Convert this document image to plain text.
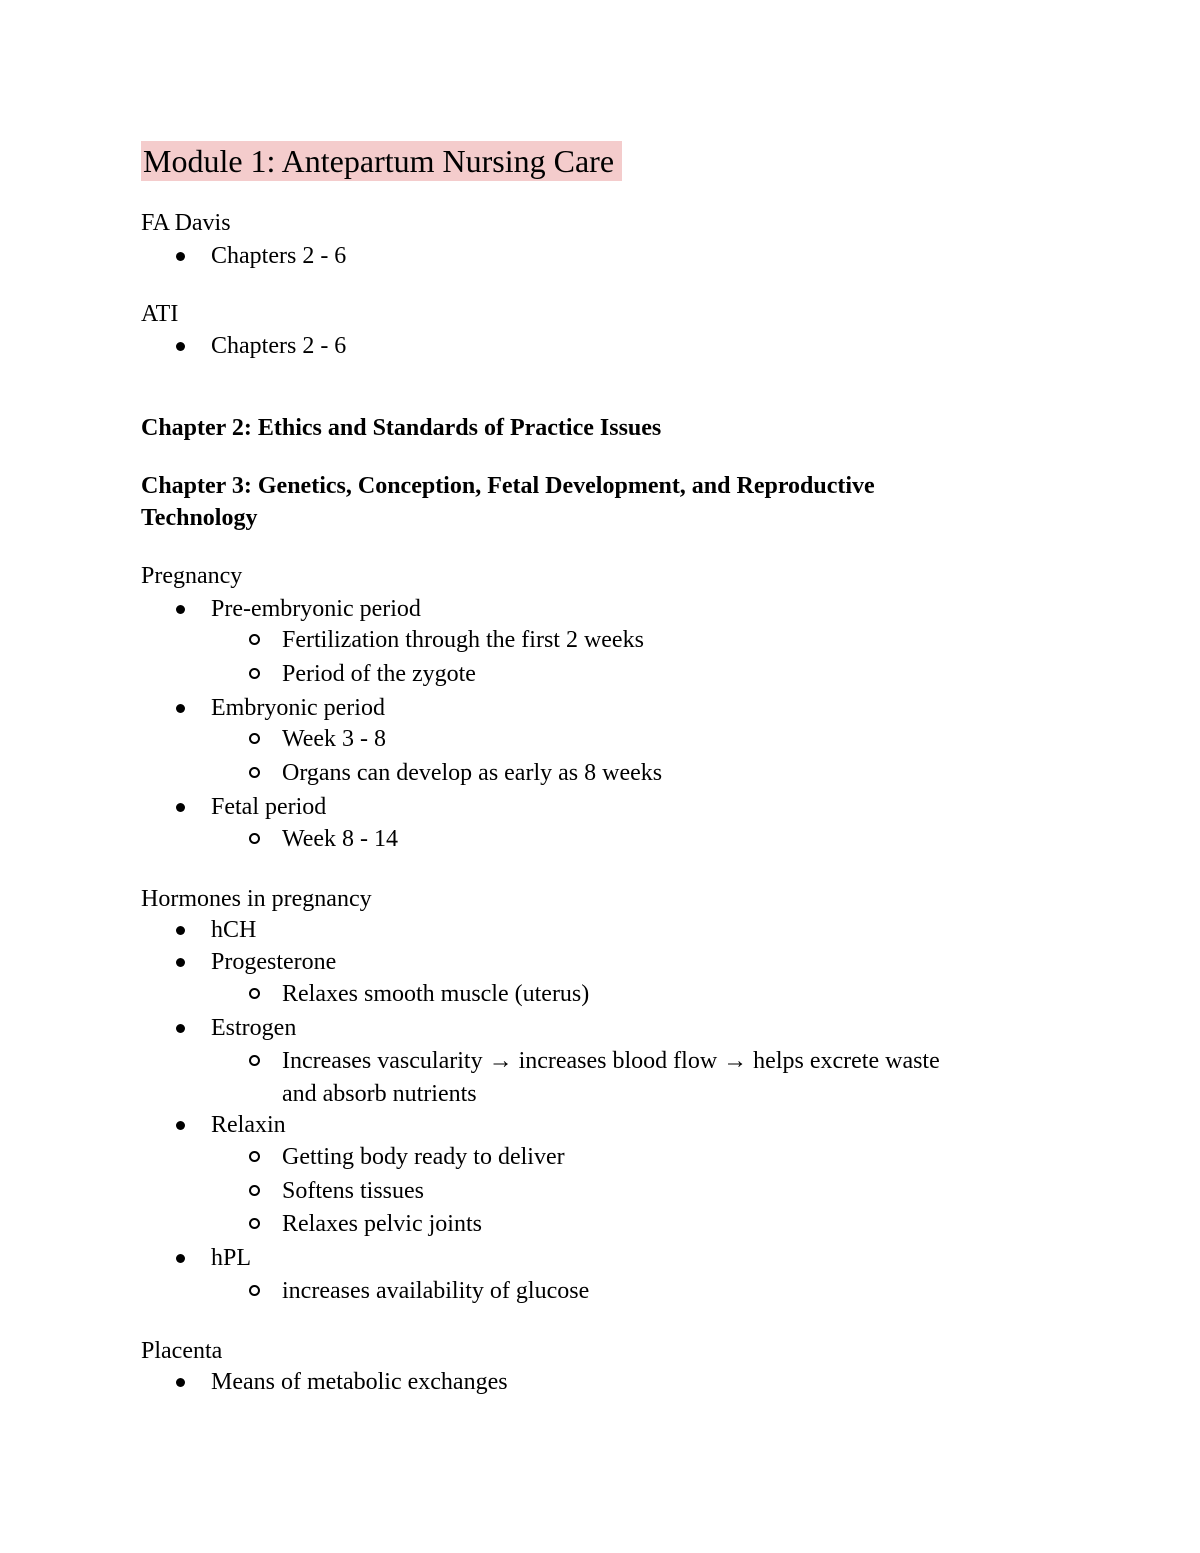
Module 1: Antepartum Nursing Care
FA Davis
Chapters 2 - 6
ATI
Chapters 2 - 6
Chapter 2: Ethics and Standards of Practice Issues
Chapter 3: Genetics, Conception, Fetal Development, and Reproductive
Technology
Pregnancy
Pre-embryonic period
Fertilization through the first 2 weeks
Period of the zygote
Embryonic period
Week 3 - 8
Organs can develop as early as 8 weeks
Fetal period
Week 8 - 14
Hormones in pregnancy
hCH
Progesterone
Relaxes smooth muscle (uterus)
Estrogen
Increases vascularity → increases blood flow → helps excrete waste
and absorb nutrients
Relaxin
Getting body ready to deliver
Softens tissues
Relaxes pelvic joints
hPL
increases availability of glucose
Placenta
Means of metabolic exchanges
